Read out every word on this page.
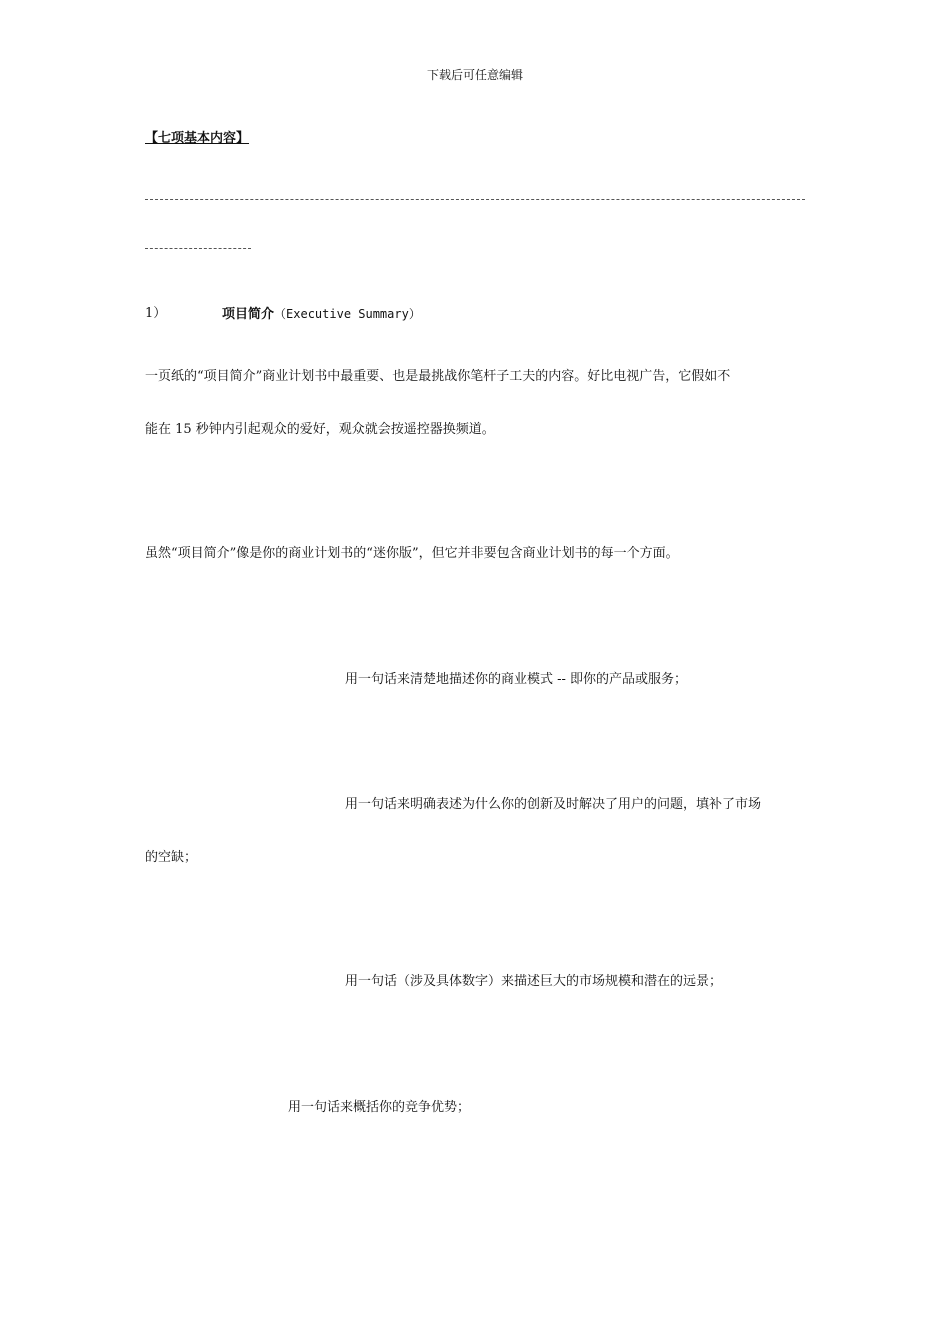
下载后可任意编辑
【七项基本内容】
1）	项目简介（Executive Summary）
一页纸的“项目简介”商业计划书中最重要、也是最挑战你笔杆子工夫的内容。好比电视广告，它假如不
能在 15 秒钟内引起观众的爱好，观众就会按遥控器换频道。
虽然“项目简介”像是你的商业计划书的“迷你版”，但它并非要包含商业计划书的每一个方面。
用一句话来清楚地描述你的商业模式 -- 即你的产品或服务；
用一句话来明确表述为什么你的创新及时解决了用户的问题，填补了市场
的空缺；
用一句话（涉及具体数字）来描述巨大的市场规模和潜在的远景；
用一句话来概括你的竞争优势；
